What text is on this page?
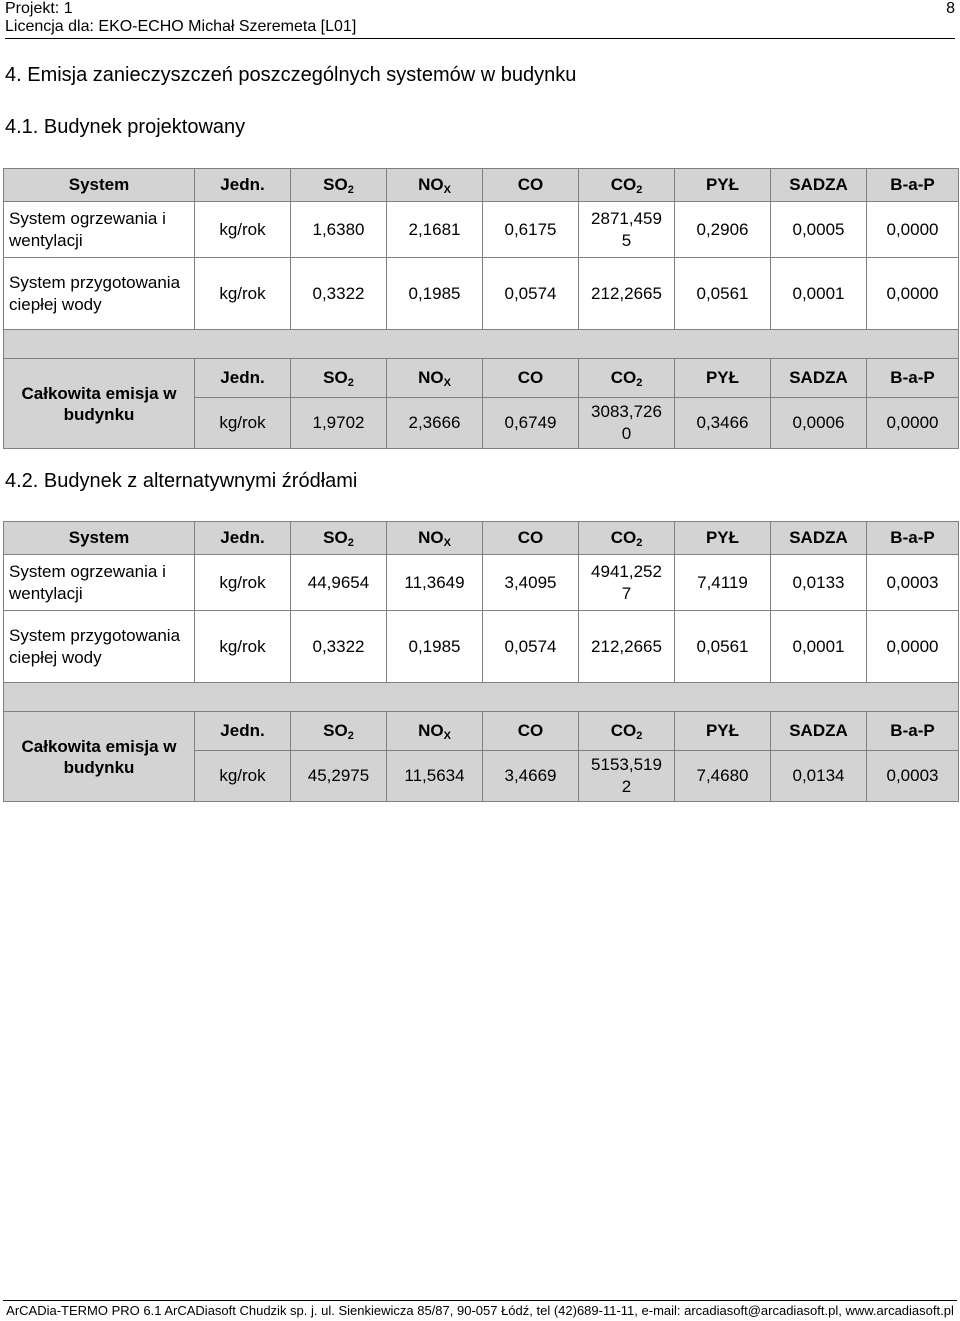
Projekt: 1
Licencja dla: EKO-ECHO Michał Szeremeta [L01]
8
4. Emisja zanieczyszczeń poszczególnych systemów w budynku
4.1. Budynek projektowany
System	Jedn.	$SO_2$	$NO_X$	CO	$CO_2$	PYŁ	SADZA	B-a-P
System ogrzewania i wentylacji	kg/rok	1,6380	2,1681	0,6175	2871,459 5	0,2906	0,0005	0,0000
System przygotowania ciepłej wody	kg/rok	0,3322	0,1985	0,0574	212,2665	0,0561	0,0001	0,0000

Całkowita emisja w budynku	Jedn.	$SO_2$	$NO_X$	CO	$CO_2$	PYŁ	SADZA	B-a-P
	kg/rok	1,9702	2,3666	0,6749	3083,726 0	0,3466	0,0006	0,0000
4.2. Budynek z alternatywnymi źródłami
System	Jedn.	$SO_2$	$NO_X$	CO	$CO_2$	PYŁ	SADZA	B-a-P
System ogrzewania i wentylacji	kg/rok	44,9654	11,3649	3,4095	4941,252 7	7,4119	0,0133	0,0003
System przygotowania ciepłej wody	kg/rok	0,3322	0,1985	0,0574	212,2665	0,0561	0,0001	0,0000

Całkowita emisja w budynku	Jedn.	$SO_2$	$NO_X$	CO	$CO_2$	PYŁ	SADZA	B-a-P
	kg/rok	45,2975	11,5634	3,4669	5153,519 2	7,4680	0,0134	0,0003
ArCADia-TERMO PRO 6.1 ArCADiasoft Chudzik sp. j. ul. Sienkiewicza 85/87, 90-057 Łódź, tel (42)689-11-11, e-mail: arcadiasoft@arcadiasoft.pl, www.arcadiasoft.pl
